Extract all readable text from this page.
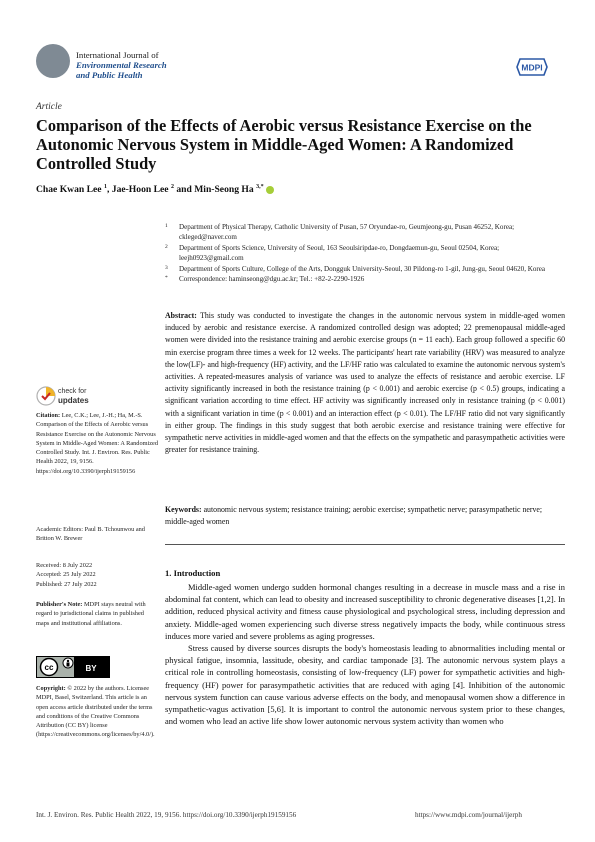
International Journal of
Environmental Research
and Public Health
MDPI
Article
Comparison of the Effects of Aerobic versus Resistance Exercise on the Autonomic Nervous System in Middle-Aged Women: A Randomized Controlled Study
Chae Kwan Lee $^1$, Jae-Hoon Lee $^2$ and Min-Seong Ha $^{3,*}$
1	Department of Physical Therapy, Catholic University of Pusan, 57 Oryundae-ro, Geumjeong-gu, Pusan 46252, Korea; ckleged@naver.com
2	Department of Sports Science, University of Seoul, 163 Seoulsiripdae-ro, Dongdaemun-gu, Seoul 02504, Korea; leejh0923@gmail.com
3	Department of Sports Culture, College of the Arts, Dongguk University-Seoul, 30 Pildong-ro 1-gil, Jung-gu, Seoul 04620, Korea
*	Correspondence: haminseong@dgu.ac.kr; Tel.: +82-2-2290-1926
Abstract: This study was conducted to investigate the changes in the autonomic nervous system in middle-aged women induced by aerobic and resistance exercise. A randomized controlled design was adopted; 22 premenopausal middle-aged women were divided into the resistance training and aerobic exercise groups (n = 11 each). Each group followed a specific 60 min exercise program three times a week for 12 weeks. The participants' heart rate variability (HRV) was measured to analyze the low(LF)- and high-frequency (HF) activity, and the LF/HF ratio was calculated to examine the autonomic nervous system's activities. A repeated-measures analysis of variance was used to analyze the effects of resistance and aerobic exercise. LF activity significantly increased in both the resistance training (p < 0.001) and aerobic exercise (p < 0.5) groups, indicating a significant variation according to time effect. HF activity was significantly increased only in resistance training (p < 0.001) with a significant variation in time (p < 0.001) and an interaction effect (p < 0.01). The LF/HF ratio did not vary significantly in either group. The findings in this study suggest that both aerobic exercise and resistance training were effective for sympathetic nerve activities in middle-aged women and that the effects on the sympathetic and parasympathetic activities were greater for resistance training.
Keywords: autonomic nervous system; resistance training; aerobic exercise; sympathetic nerve; parasympathetic nerve; middle-aged women
1. Introduction

Middle-aged women undergo sudden hormonal changes resulting in a decrease in muscle mass and a rise in abdominal fat content, which can lead to obesity and increased susceptibility to chronic degenerative diseases [1,2]. In addition, reduced physical activity and fitness cause physiological and psychological stress, including depression and anxiety. Middle-aged women experiencing such diverse stress negatively impacts the body, while continuous stress induces more varied and severe problems as aging progresses.

Stress caused by diverse sources disrupts the body's homeostasis leading to abnormalities including mental or physical fatigue, insomnia, lassitude, obesity, and cardiac tamponade [3]. The autonomic nervous system plays a critical role in controlling homeostasis, consisting of low-frequency (LF) power for sympathetic activities and high-frequency (HF) power for parasympathetic activities that are reduced with aging [4]. Inhibition of the autonomic nervous system function can cause various adverse effects on the body, and menopausal women show a difference in sympathetic-vagus activation [5,6]. It is important to control the autonomic nervous system prior to these changes, and women who lead an active life show lower autonomic nervous system activity than women who

check for
updates
Citation: Lee, C.K.; Lee, J.-H.; Ha, M.-S. Comparison of the Effects of Aerobic versus Resistance Exercise on the Autonomic Nervous System in Middle-Aged Women: A Randomized Controlled Study. Int. J. Environ. Res. Public Health 2022, 19, 9156. https://doi.org/10.3390/ijerph19159156
Academic Editors: Paul B. Tchounwou and Britton W. Brewer
Received: 8 July 2022
Accepted: 25 July 2022
Published: 27 July 2022
Publisher's Note: MDPI stays neutral with regard to jurisdictional claims in published maps and institutional affiliations.
cc	BY
Copyright: © 2022 by the authors. Licensee MDPI, Basel, Switzerland. This article is an open access article distributed under the terms and conditions of the Creative Commons Attribution (CC BY) license (https://creativecommons.org/licenses/by/4.0/).
Int. J. Environ. Res. Public Health 2022, 19, 9156. https://doi.org/10.3390/ijerph19159156	https://www.mdpi.com/journal/ijerph
